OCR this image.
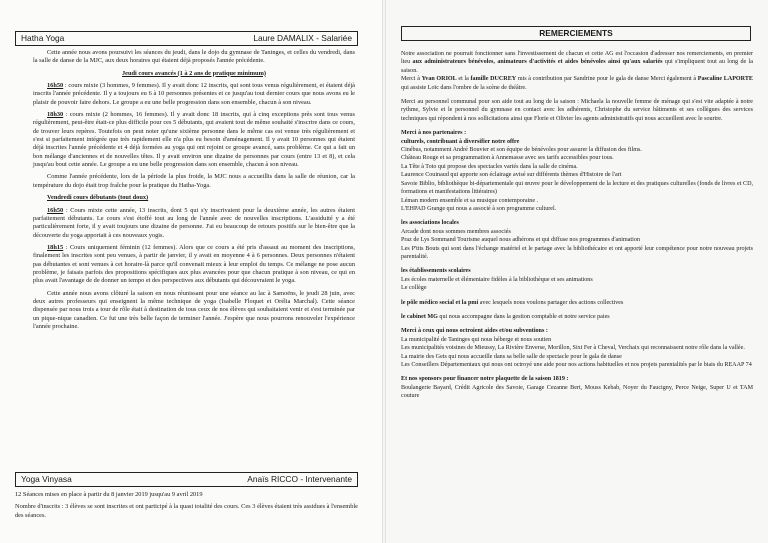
Hatha Yoga	Laure DAMALIX - Salariée

Cette année nous avons poursuivi les séances du jeudi, dans le dojo du gymnase de Taninges, et celles du vendredi, dans la salle de danse de la MJC, aux deux horaires qui étaient déjà proposés l'année précédente.

Jeudi cours avancés (1 à 2 ans de pratique minimum)

16h50 : cours mixte (3 hommes, 9 femmes). Il y avait donc 12 inscrits, qui sont tous venus régulièrement, et étaient déjà inscrits l'année précédente. Il y a toujours eu 6 à 10 personnes présentes et ce jusqu'au tout dernier cours que nous avons eu le plaisir de pouvoir faire dehors. Le groupe a eu une belle progression dans son ensemble, chacun à son niveau.

18h30 : cours mixte (2 hommes, 16 femmes). Il y avait donc 18 inscrits, qui à cinq exceptions près sont tous venus régulièrement, peut-être était-ce plus difficile pour ces 5 débutants, qui avaient tout de même souhaité s'inscrire dans ce cours, de trouver leurs repères. Toutefois on peut noter qu'une sixième personne dans le même cas est venue très régulièrement et s'est si parfaitement intégrée que très rapidement elle n'a plus eu besoin d'aménagement. Il y avait 10 personnes qui étaient déjà inscrites l'année précédente et 4 déjà formées au yoga qui ont rejoint ce groupe avancé, sans problème. Ce qui a fait un bon mélange d'anciennes et de nouvelles têtes. Il y avait environ une dizaine de personnes par cours (entre 13 et 8), et cela jusqu'au bout cette année. Le groupe a eu une belle progression dans son ensemble, chacun à son niveau.

Comme l'année précédente, lors de la période la plus froide, la MJC nous a accueillis dans la salle de réunion, car la température du dojo était trop fraîche pour la pratique du Hatha-Yoga.

Vendredi cours débutants (tout doux)

16h50 : Cours mixte cette année, 13 inscrits, dont 5 qui s'y inscrivaient pour la deuxième année, les autres étaient parfaitement débutants. Le cours s'est étoffé tout au long de l'année avec de nouvelles inscriptions. L'assiduité y a été particulièrement forte, il y avait toujours une dizaine de personne. J'ai eu beaucoup de retours positifs sur le bien-être que la découverte du yoga apportait à ces nouveaux yogis.

18h15 : Cours uniquement féminin (12 femmes). Alors que ce cours a été pris d'assaut au moment des inscriptions, finalement les inscrites sont peu venues, à partir de janvier, il y avait en moyenne 4 à 6 personnes. Deux personnes n'étaient pas débutantes et sont venues à cet horaire-là parce qu'il convenait mieux à leur emploi du temps. Ce mélange ne pose aucun problème, je faisais parfois des propositions spécifiques aux plus avancées pour que chacun pratique à son niveau, ce qui en plus avait l'avantage de de donner un tempo et des perspectives aux débutants qui découvraient le yoga.

Cette année nous avons clôturé la saison en nous réunissant pour une séance au lac à Samoëns, le jeudi 28 juin, avec deux autres professeurs qui enseignent la même technique de yoga (Isabelle Floquet et Orélia Marchal). Cette séance dispensée par nous trois a tour de rôle était à destination de tous ceux de nos élèves qui souhaitaient venir et s'est terminée par un pique-nique canadien. Ce fut une très belle façon de terminer l'année. J'espère que nous pourrons renouveler l'expérience l'année prochaine.

Yoga Vinyasa	Anaïs RICCO - Intervenante

12 Séances mises en place à partir du 8 janvier 2019 jusqu'au 9 avril 2019

Nombre d'inscrits : 3 élèves se sont inscrites et ont participé à la quasi totalité des cours. Ces 3 élèves étaient très assidues à l'ensemble des séances.

REMERCIEMENTS

Notre association ne pourrait fonctionner sans l'investissement de chacun et cette AG est l'occasion d'adresser nos remerciements, en premier lieu aux administrateurs bénévoles, animateurs d'activités et aides bénévoles ainsi qu'aux salariés qui s'impliquent tout au long de la saison.

Merci à Yvan ORIOL et la famille DUCREY mis à contribution par Sandrine pour le gala de danse Merci également à Pascaline LAPORTE qui assiste Loïc dans l'ombre de la scène de théâtre.

Merci au personnel communal pour son aide tout au long de la saison : Michaela la nouvelle femme de ménage qui s'est vite adaptée à notre rythme, Sylvie et le personnel du gymnase en contact avec les adhérents, Christophe du service bâtiments et ses collègues des services techniques qui répondent à nos sollicitations ainsi que Florie et Olivier les agents administratifs qui nous accueillent avec le sourire.

Merci à nos partenaires :

culturels, contribuant à diversifier notre offre

Cinébus, notamment André Bouvier et son équipe de bénévoles pour assurer la diffusion des films.

Château Rouge et sa programmation à Annemasse avec ses tarifs accessibles pour tous.

La Tête à Toto qui propose des spectacles variés dans la salle de cinéma.

Laurence Couinaud qui apporte son éclairage avisé sur différents thèmes d'Histoire de l'art

Savoie Biblio, bibliothèque bi-départementale qui œuvre pour le développement de la lecture et des pratiques culturelles (fonds de livres et CD, formations et manifestations littéraires)

Léman modern ensemble et sa musique contemporaine .

L'EHPAD Grange qui nous a associé à son programme culturel.

les associations locales

Arcade dont nous sommes membres associés

Praz de Lys Sommand Tourisme auquel nous adhérons et qui diffuse nos programmes d'animation

Les P'tits Bouts qui sont dans l'échange matériel et le partage avec la bibliothécaire et ont apporté leur compétence pour notre nouveau projets parentalité.

les établissements scolaires

Les écoles maternelle et élémentaire fidèles à la bibliothèque et ses animations

Le collège

le pôle médico social et la pmi avec lesquels nous voulons partager des actions collectives

le cabinet MG qui nous accompagne dans la gestion comptable et notre service paies

Merci à ceux qui nous octroient aides et/ou subventions :

La municipalité de Taninges qui nous héberge et nous soutien

Les municipalités voisines de Mieussy, La Rivière Enverse, Morillon, Sixt Fer à Cheval, Verchaix qui reconnaissent notre rôle dans la vallée.

La mairie des Gets qui nous accueille dans sa belle salle de spectacle pour le gala de danse

Les Conseillers Départementaux qui nous ont octroyé une aide pour nos actions habituelles et nos projets parentalités par le biais du REAAP 74

Et nos sponsors pour financer notre plaquette de la saison 1819 :

Boulangerie Bayard, Crédit Agricole des Savoie, Garage Cezanne Bert, Mouss Kebab, Noyer du Faucigny, Perce Neige, Super U et TAM couture
